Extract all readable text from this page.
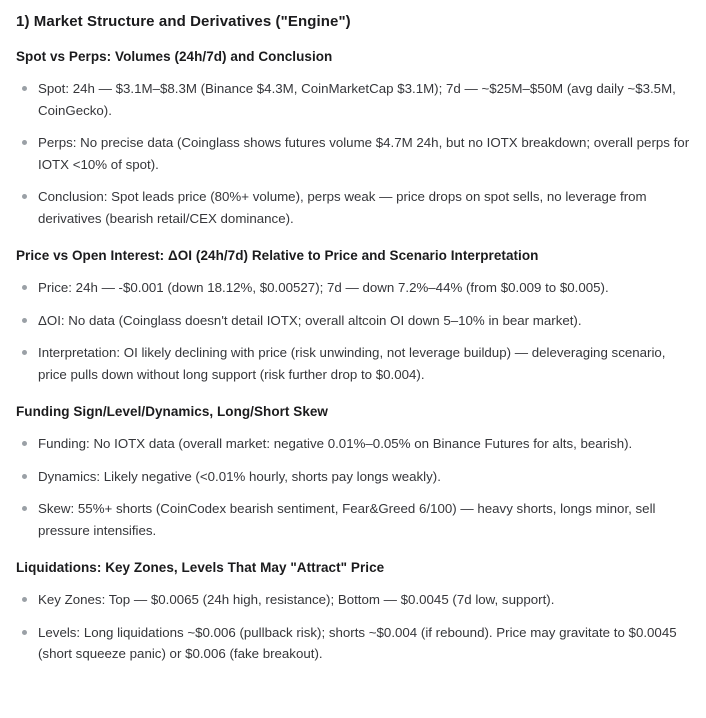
1) Market Structure and Derivatives ("Engine")
Spot vs Perps: Volumes (24h/7d) and Conclusion
Spot: 24h — $3.1M–$8.3M (Binance $4.3M, CoinMarketCap $3.1M); 7d — ~$25M–$50M (avg daily ~$3.5M, CoinGecko).
Perps: No precise data (Coinglass shows futures volume $4.7M 24h, but no IOTX breakdown; overall perps for IOTX <10% of spot).
Conclusion: Spot leads price (80%+ volume), perps weak — price drops on spot sells, no leverage from derivatives (bearish retail/CEX dominance).
Price vs Open Interest: ΔOI (24h/7d) Relative to Price and Scenario Interpretation
Price: 24h — -$0.001 (down 18.12%, $0.00527); 7d — down 7.2%–44% (from $0.009 to $0.005).
ΔOI: No data (Coinglass doesn't detail IOTX; overall altcoin OI down 5–10% in bear market).
Interpretation: OI likely declining with price (risk unwinding, not leverage buildup) — deleveraging scenario, price pulls down without long support (risk further drop to $0.004).
Funding Sign/Level/Dynamics, Long/Short Skew
Funding: No IOTX data (overall market: negative 0.01%–0.05% on Binance Futures for alts, bearish).
Dynamics: Likely negative (<0.01% hourly, shorts pay longs weakly).
Skew: 55%+ shorts (CoinCodex bearish sentiment, Fear&Greed 6/100) — heavy shorts, longs minor, sell pressure intensifies.
Liquidations: Key Zones, Levels That May "Attract" Price
Key Zones: Top — $0.0065 (24h high, resistance); Bottom — $0.0045 (7d low, support).
Levels: Long liquidations ~$0.006 (pullback risk); shorts ~$0.004 (if rebound). Price may gravitate to $0.0045 (short squeeze panic) or $0.006 (fake breakout).
